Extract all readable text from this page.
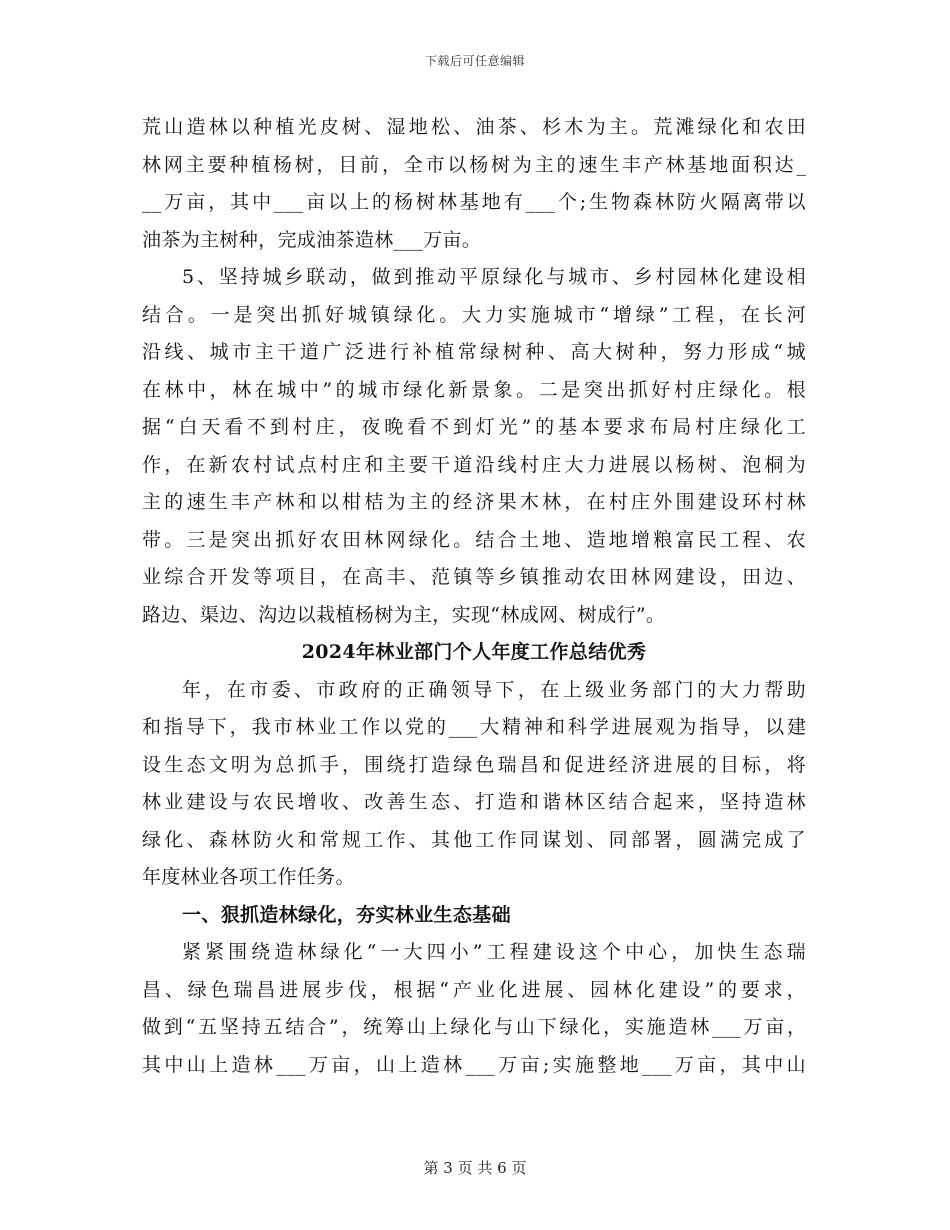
下载后可任意编辑
荒山造林以种植光皮树、湿地松、油茶、杉木为主。荒滩绿化和农田
林网主要种植杨树，目前，全市以杨树为主的速生丰产林基地面积达_
__万亩，其中___亩以上的杨树林基地有___个;生物森林防火隔离带以
油茶为主树种，完成油茶造林___万亩。
5、坚持城乡联动，做到推动平原绿化与城市、乡村园林化建设相
结合。一是突出抓好城镇绿化。大力实施城市“增绿”工程，在长河
沿线、城市主干道广泛进行补植常绿树种、高大树种，努力形成“城
在林中，林在城中”的城市绿化新景象。二是突出抓好村庄绿化。根
据“白天看不到村庄，夜晚看不到灯光”的基本要求布局村庄绿化工
作，在新农村试点村庄和主要干道沿线村庄大力进展以杨树、泡桐为
主的速生丰产林和以柑桔为主的经济果木林，在村庄外围建设环村林
带。三是突出抓好农田林网绿化。结合土地、造地增粮富民工程、农
业综合开发等项目，在高丰、范镇等乡镇推动农田林网建设，田边、
路边、渠边、沟边以栽植杨树为主，实现“林成网、树成行”。
2024年林业部门个人年度工作总结优秀
年，在市委、市政府的正确领导下，在上级业务部门的大力帮助
和指导下，我市林业工作以党的___大精神和科学进展观为指导，以建
设生态文明为总抓手，围绕打造绿色瑞昌和促进经济进展的目标，将
林业建设与农民增收、改善生态、打造和谐林区结合起来，坚持造林
绿化、森林防火和常规工作、其他工作同谋划、同部署，圆满完成了
年度林业各项工作任务。
一、狠抓造林绿化，夯实林业生态基础
紧紧围绕造林绿化“一大四小”工程建设这个中心，加快生态瑞
昌、绿色瑞昌进展步伐，根据“产业化进展、园林化建设”的要求，
做到“五坚持五结合”，统筹山上绿化与山下绿化，实施造林___万亩，
其中山上造林___万亩，山上造林___万亩;实施整地___万亩，其中山
第 3 页 共 6 页
